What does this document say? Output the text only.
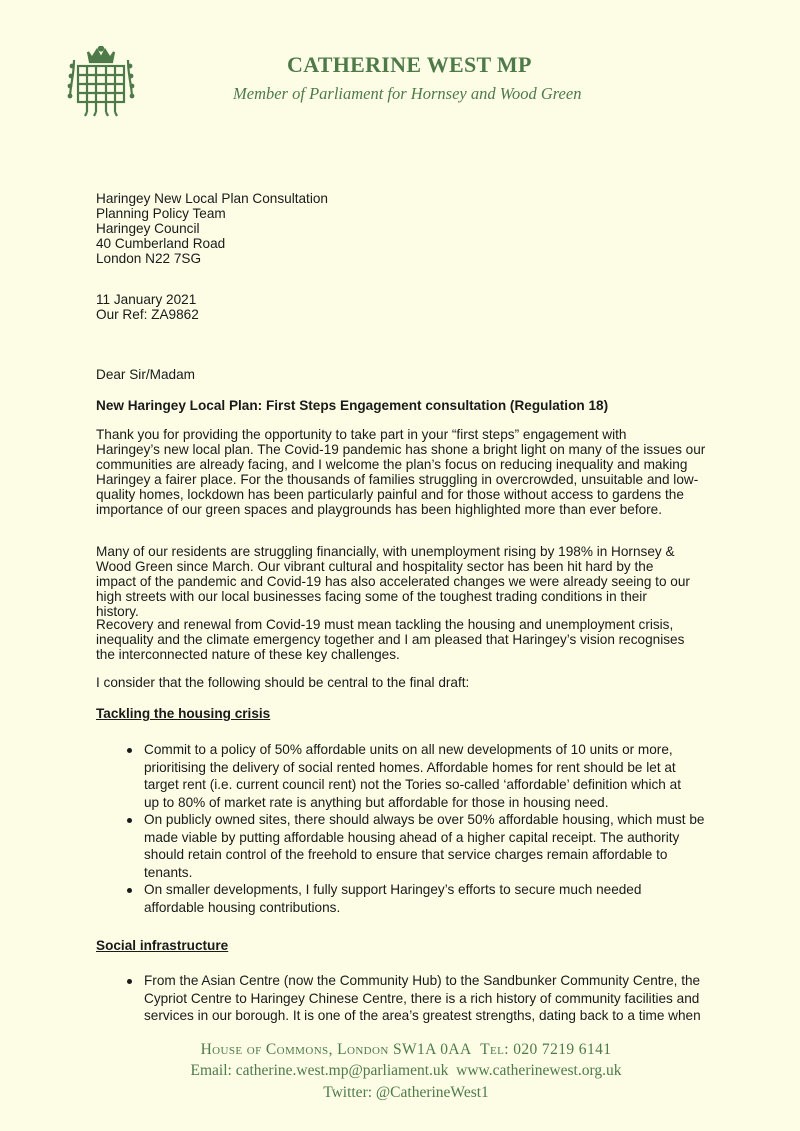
CATHERINE WEST MP
Member of Parliament for Hornsey and Wood Green
Haringey New Local Plan Consultation
Planning Policy Team
Haringey Council
40 Cumberland Road
London N22 7SG
11 January 2021
Our Ref: ZA9862
Dear Sir/Madam
New Haringey Local Plan: First Steps Engagement consultation (Regulation 18)
Thank you for providing the opportunity to take part in your “first steps” engagement with
Haringey’s new local plan. The Covid-19 pandemic has shone a bright light on many of the issues our
communities are already facing, and I welcome the plan’s focus on reducing inequality and making
Haringey a fairer place. For the thousands of families struggling in overcrowded, unsuitable and low-
quality homes, lockdown has been particularly painful and for those without access to gardens the
importance of our green spaces and playgrounds has been highlighted more than ever before.
Many of our residents are struggling financially, with unemployment rising by 198% in Hornsey &
Wood Green since March. Our vibrant cultural and hospitality sector has been hit hard by the
impact of the pandemic and Covid-19 has also accelerated changes we were already seeing to our
high streets with our local businesses facing some of the toughest trading conditions in their
history.
Recovery and renewal from Covid-19 must mean tackling the housing and unemployment crisis,
inequality and the climate emergency together and I am pleased that Haringey’s vision recognises
the interconnected nature of these key challenges.
I consider that the following should be central to the final draft:
Tackling the housing crisis
Commit to a policy of 50% affordable units on all new developments of 10 units or more,
prioritising the delivery of social rented homes. Affordable homes for rent should be let at
target rent (i.e. current council rent) not the Tories so-called ‘affordable’ definition which at
up to 80% of market rate is anything but affordable for those in housing need.
On publicly owned sites, there should always be over 50% affordable housing, which must be
made viable by putting affordable housing ahead of a higher capital receipt. The authority
should retain control of the freehold to ensure that service charges remain affordable to
tenants.
On smaller developments, I fully support Haringey’s efforts to secure much needed
affordable housing contributions.
Social infrastructure
From the Asian Centre (now the Community Hub) to the Sandbunker Community Centre, the
Cypriot Centre to Haringey Chinese Centre, there is a rich history of community facilities and
services in our borough. It is one of the area’s greatest strengths, dating back to a time when
House of Commons, London SW1A 0AA Tel: 020 7219 6141
Email: catherine.west.mp@parliament.uk www.catherinewest.org.uk
Twitter: @CatherineWest1
